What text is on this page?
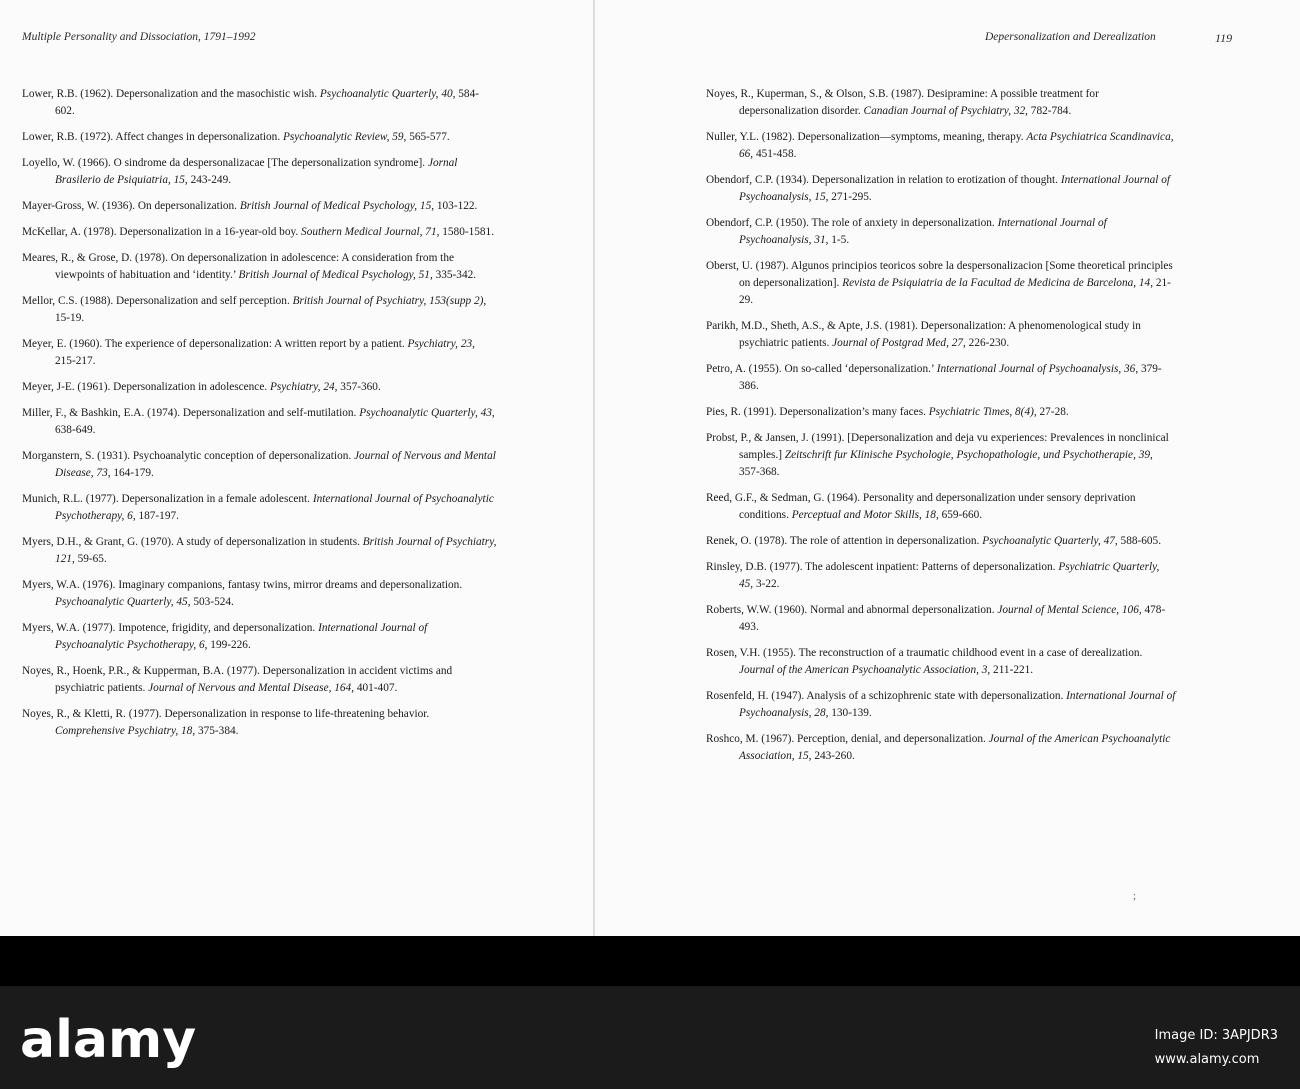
Multiple Personality and Dissociation, 1791–1992
Lower, R.B. (1962). Depersonalization and the masochistic wish. Psychoanalytic Quarterly, 40, 584-602.
Lower, R.B. (1972). Affect changes in depersonalization. Psychoanalytic Review, 59, 565-577.
Loyello, W. (1966). O sindrome da despersonalizacae [The depersonalization syndrome]. Jornal Brasilerio de Psiquiatria, 15, 243-249.
Mayer-Gross, W. (1936). On depersonalization. British Journal of Medical Psychology, 15, 103-122.
McKellar, A. (1978). Depersonalization in a 16-year-old boy. Southern Medical Journal, 71, 1580-1581.
Meares, R., & Grose, D. (1978). On depersonalization in adolescence: A consideration from the viewpoints of habituation and ‘identity.’ British Journal of Medical Psychology, 51, 335-342.
Mellor, C.S. (1988). Depersonalization and self perception. British Journal of Psychiatry, 153(supp 2), 15-19.
Meyer, E. (1960). The experience of depersonalization: A written report by a patient. Psychiatry, 23, 215-217.
Meyer, J-E. (1961). Depersonalization in adolescence. Psychiatry, 24, 357-360.
Miller, F., & Bashkin, E.A. (1974). Depersonalization and self-mutilation. Psychoanalytic Quarterly, 43, 638-649.
Morganstern, S. (1931). Psychoanalytic conception of depersonalization. Journal of Nervous and Mental Disease, 73, 164-179.
Munich, R.L. (1977). Depersonalization in a female adolescent. International Journal of Psychoanalytic Psychotherapy, 6, 187-197.
Myers, D.H., & Grant, G. (1970). A study of depersonalization in students. British Journal of Psychiatry, 121, 59-65.
Myers, W.A. (1976). Imaginary companions, fantasy twins, mirror dreams and depersonalization. Psychoanalytic Quarterly, 45, 503-524.
Myers, W.A. (1977). Impotence, frigidity, and depersonalization. International Journal of Psychoanalytic Psychotherapy, 6, 199-226.
Noyes, R., Hoenk, P.R., & Kupperman, B.A. (1977). Depersonalization in accident victims and psychiatric patients. Journal of Nervous and Mental Disease, 164, 401-407.
Noyes, R., & Kletti, R. (1977). Depersonalization in response to life-threatening behavior. Comprehensive Psychiatry, 18, 375-384.
Depersonalization and Derealization	119
Noyes, R., Kuperman, S., & Olson, S.B. (1987). Desipramine: A possible treatment for depersonalization disorder. Canadian Journal of Psychiatry, 32, 782-784.
Nuller, Y.L. (1982). Depersonalization—symptoms, meaning, therapy. Acta Psychiatrica Scandinavica, 66, 451-458.
Obendorf, C.P. (1934). Depersonalization in relation to erotization of thought. International Journal of Psychoanalysis, 15, 271-295.
Obendorf, C.P. (1950). The role of anxiety in depersonalization. International Journal of Psychoanalysis, 31, 1-5.
Oberst, U. (1987). Algunos principios teoricos sobre la despersonalizacion [Some theoretical principles on depersonalization]. Revista de Psiquiatria de la Facultad de Medicina de Barcelona, 14, 21-29.
Parikh, M.D., Sheth, A.S., & Apte, J.S. (1981). Depersonalization: A phenomenological study in psychiatric patients. Journal of Postgrad Med, 27, 226-230.
Petro, A. (1955). On so-called ‘depersonalization.’ International Journal of Psychoanalysis, 36, 379-386.
Pies, R. (1991). Depersonalization’s many faces. Psychiatric Times, 8(4), 27-28.
Probst, P., & Jansen, J. (1991). [Depersonalization and deja vu experiences: Prevalences in nonclinical samples.] Zeitschrift fur Klinische Psychologie, Psychopathologie, und Psychotherapie, 39, 357-368.
Reed, G.F., & Sedman, G. (1964). Personality and depersonalization under sensory deprivation conditions. Perceptual and Motor Skills, 18, 659-660.
Renek, O. (1978). The role of attention in depersonalization. Psychoanalytic Quarterly, 47, 588-605.
Rinsley, D.B. (1977). The adolescent inpatient: Patterns of depersonalization. Psychiatric Quarterly, 45, 3-22.
Roberts, W.W. (1960). Normal and abnormal depersonalization. Journal of Mental Science, 106, 478-493.
Rosen, V.H. (1955). The reconstruction of a traumatic childhood event in a case of derealization. Journal of the American Psychoanalytic Association, 3, 211-221.
Rosenfeld, H. (1947). Analysis of a schizophrenic state with depersonalization. International Journal of Psychoanalysis, 28, 130-139.
Roshco, M. (1967). Perception, denial, and depersonalization. Journal of the American Psychoanalytic Association, 15, 243-260.
;
alamy	Image ID: 3APJDR3
www.alamy.com
